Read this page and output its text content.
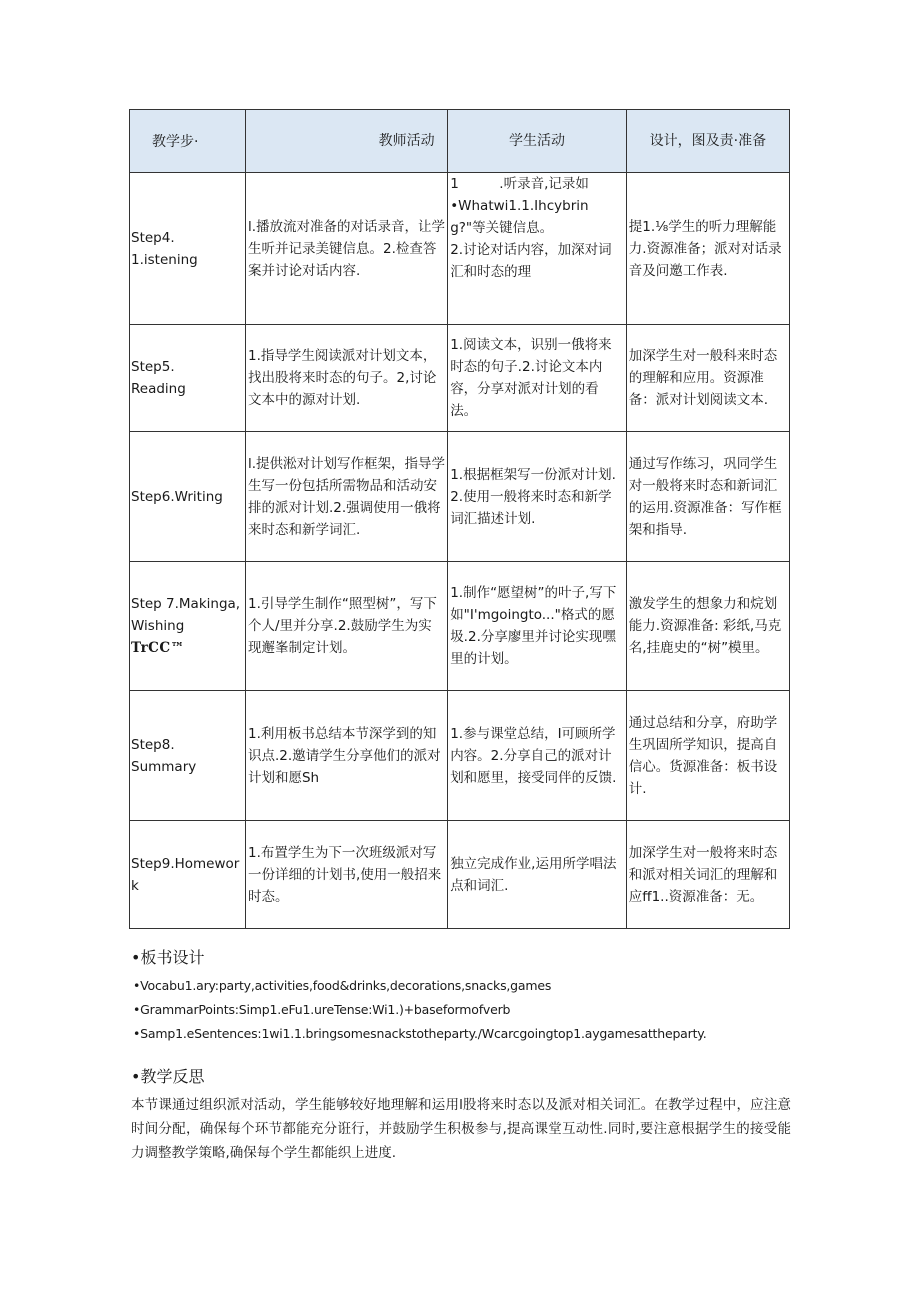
教学步·	教师活动	学生活动	设计，图及责·准备

Step4.
1.istening	l.播放流对准备的对话录音，让学生听并记录美键信息。2.检查答案并讨论对话内容.	1　　　.听录音,记录如
•Whatwi1.1.Ihcybring?"等关键信息。
2.讨论对话内容，加深对词汇和时态的理	提1.⅛学生的听力理解能力.资源准备；派对对话录音及问邀工作表.

Step5.
Reading	1.指导学生阅读派对计划文本，找出股将来时态的句子。2,讨论文本中的源对计划.	1.阅读文本，识别一俄将来时态的句子.2.讨论文本内容，分享对派对计划的看法。	加深学生对一般科来时态的理解和应用。资源准备：派对计划阅读文本.

Step6.Writing	l.提供淞对计划写作框架，指导学生写一份包括所需物品和活动安排的派对计划.2.强调使用一俄将来时态和新学词汇.	1.根据框架写一份派对计划.2.使用一般将来时态和新学词汇描述计划.	通过写作练习，巩同学生对一般将来时态和新词汇的运用.资源准备：写作框架和指导.

Step 7.Makinga,
Wishing
TrCC™	1.引导学生制作“照型树”，写下个人/里并分享.2.鼓励学生为实现邂峯制定计划。	1.制作“愿望树”的叶子,写下如"I'mgoingto..."格式的愿圾.2.分享廖里并讨论实现嘿里的计划。	激发学生的想象力和烷划能力.资源准备: 彩纸,马克名,挂鹿史的“树”模里。

Step8.
Summary	1.利用板书总结本节深学到的知识点.2.邀请学生分享他们的派对计划和愿Sh	1.参与课堂总结，I可顾所学内容。2.分享自己的派对计划和愿里，接受同伴的反馈.	通过总结和分享，府助学生巩固所学知识，提高自信心。货源准备：板书设计.

Step9.Homework	1.布置学生为下一次班级派对写一份详细的计划书,使用一般招来时态。	独立完成作业,运用所学唱法点和词汇.	加深学生对一般将来时态和派对相关词汇的理解和应ff1..资源准备：无。
•板书设计
•Vocabu1.ary:party,activities,food&drinks,decorations,snacks,games
•GrammarPoints:Simp1.eFu1.ureTense:Wi1.)+baseformofverb
•Samp1.eSentences:1wi1.1.bringsomesnackstotheparty./Wcarcgoingtop1.aygamesattheparty.
•教学反思

本节课通过组织派对活动，学生能够较好地理解和运用l股将来时态以及派对相关词汇。在教学过程中，应注意时间分配，确保每个环节都能充分诳行，并鼓励学生积极参与,提高课堂互动性.同时,要注意根据学生的接受能力调整教学策略,确保每个学生都能织上进度.
